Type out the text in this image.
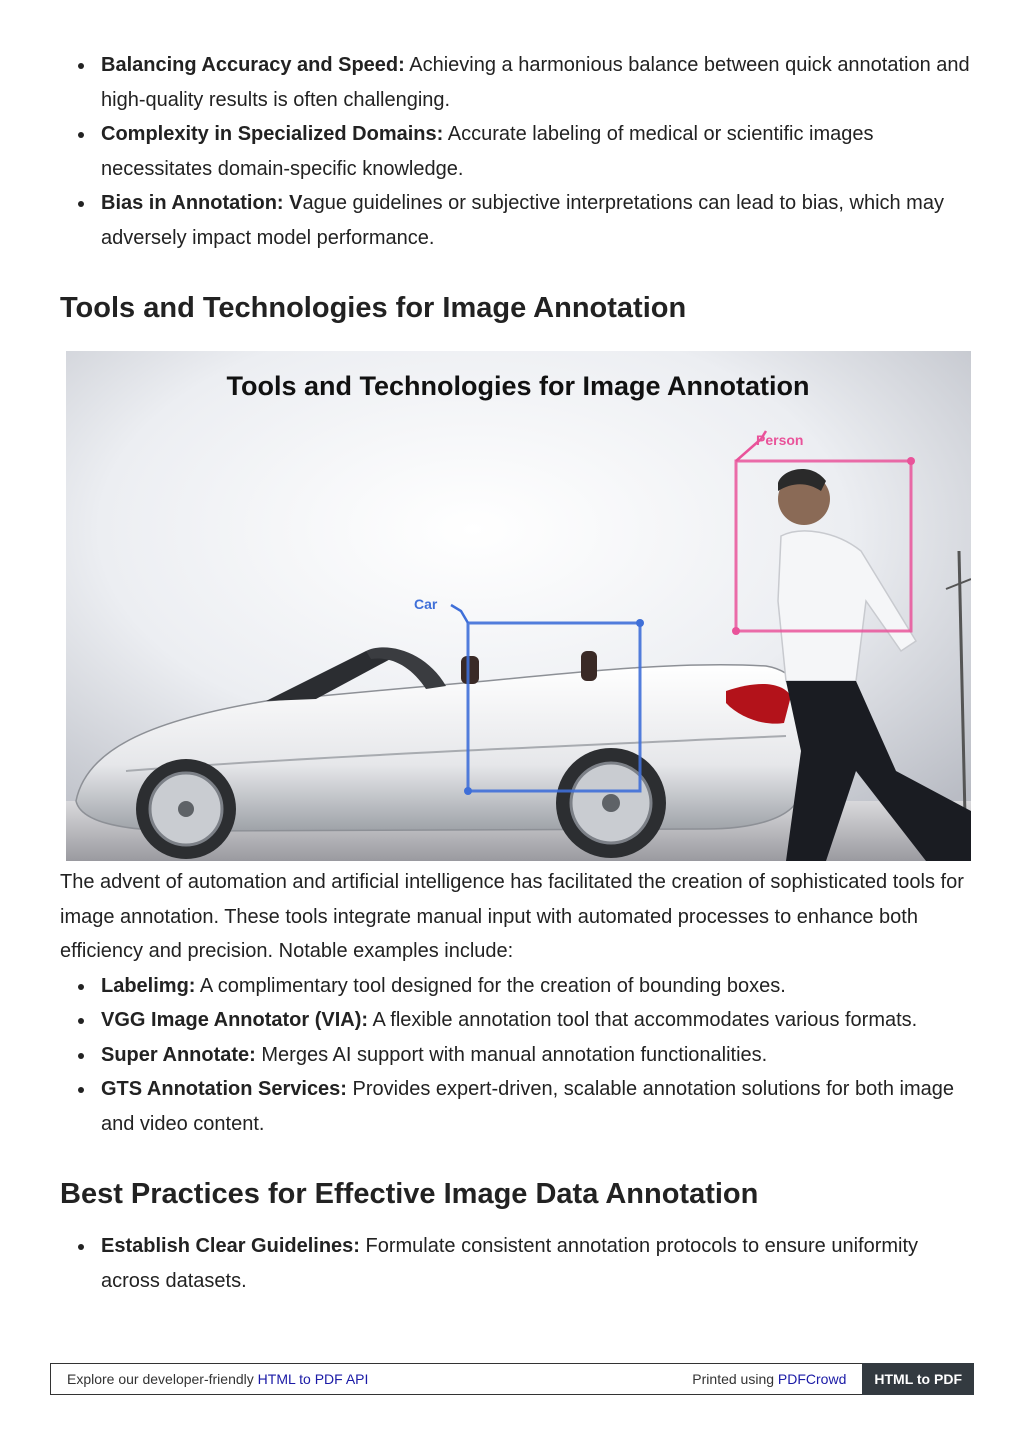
Balancing Accuracy and Speed: Achieving a harmonious balance between quick annotation and high-quality results is often challenging.
Complexity in Specialized Domains: Accurate labeling of medical or scientific images necessitates domain-specific knowledge.
Bias in Annotation: Vague guidelines or subjective interpretations can lead to bias, which may adversely impact model performance.
Tools and Technologies for Image Annotation
Tools and Technologies for Image Annotation
Person
Car

The advent of automation and artificial intelligence has facilitated the creation of sophisticated tools for image annotation. These tools integrate manual input with automated processes to enhance both efficiency and precision. Notable examples include:

Labelimg: A complimentary tool designed for the creation of bounding boxes.
VGG Image Annotator (VIA): A flexible annotation tool that accommodates various formats.
Super Annotate: Merges AI support with manual annotation functionalities.
GTS Annotation Services: Provides expert-driven, scalable annotation solutions for both image and video content.
Best Practices for Effective Image Data Annotation
Establish Clear Guidelines: Formulate consistent annotation protocols to ensure uniformity across datasets.
Explore our developer-friendly HTML to PDF API	Printed using PDFCrowd	HTML to PDF
